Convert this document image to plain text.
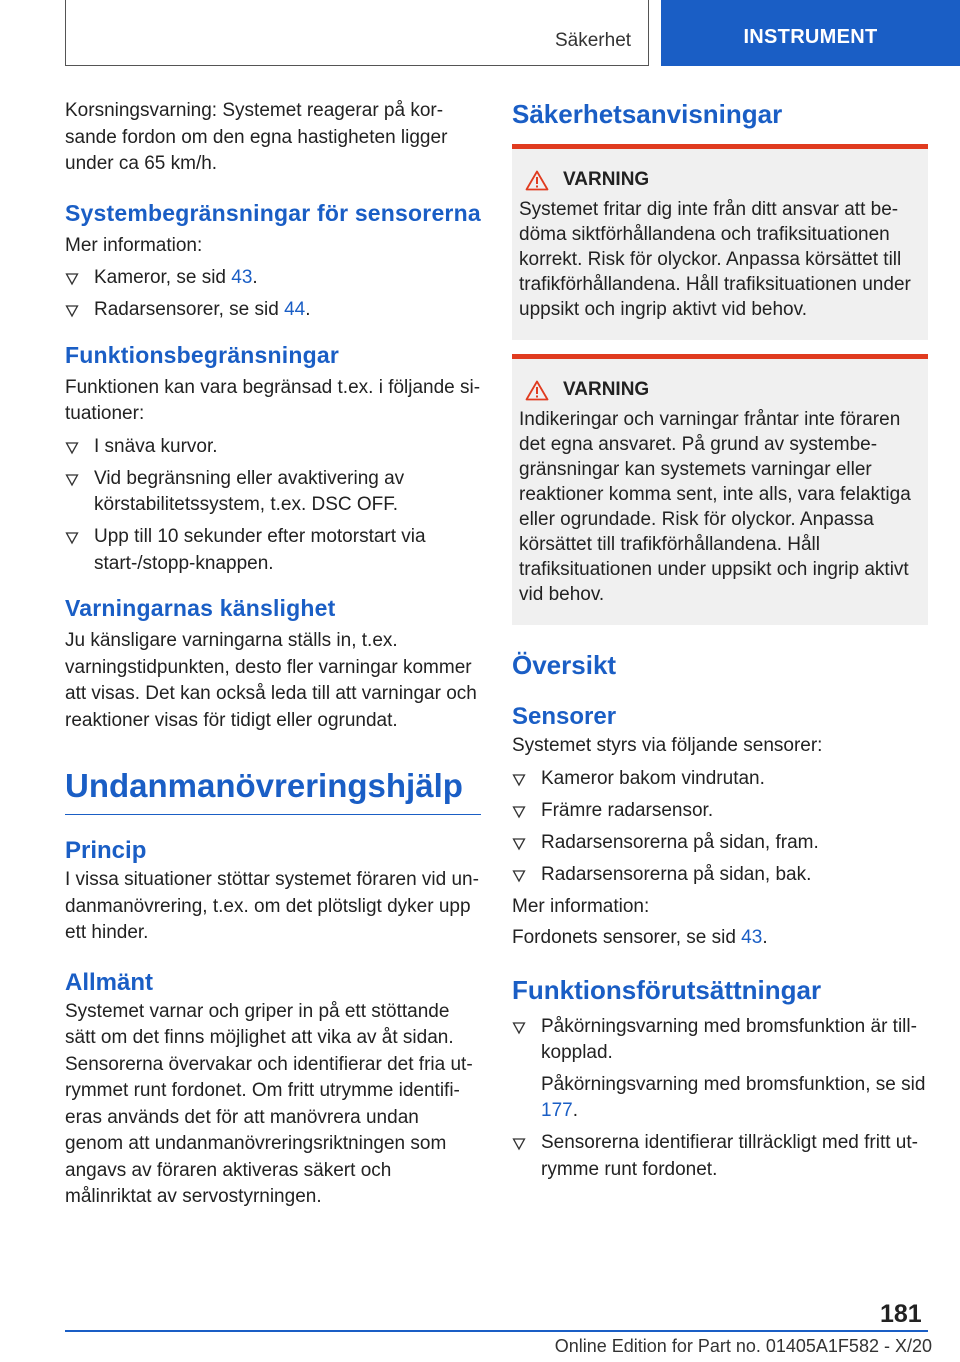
Säkerhet	INSTRUMENT

Korsningsvarning: Systemet reagerar på korsande fordon om den egna hastigheten ligger under ca 65 km/h.

Systembegränsningar för sensorerna

Mer information:

Kameror, se sid 43.
Radarsensorer, se sid 44.
Funktionsbegränsningar

Funktionen kan vara begränsad t.ex. i följande situationer:

I snäva kurvor.
Vid begränsning eller avaktivering av körstabilitetssystem, t.ex. DSC OFF.
Upp till 10 sekunder efter motorstart via start-/stopp-knappen.
Varningarnas känslighet

Ju känsligare varningarna ställs in, t.ex. varningstidpunkten, desto fler varningar kommer att visas. Det kan också leda till att varningar och reaktioner visas för tidigt eller ogrundat.

Undanmanövreringshjälp
Princip

I vissa situationer stöttar systemet föraren vid undanmanövrering, t.ex. om det plötsligt dyker upp ett hinder.

Allmänt

Systemet varnar och griper in på ett stöttande sätt om det finns möjlighet att vika av åt sidan. Sensorerna övervakar och identifierar det fria utrymmet runt fordonet. Om fritt utrymme identifieras används det för att manövrera undan genom att undanmanövreringsriktningen som angavs av föraren aktiveras säkert och målinriktat av servostyrningen.

Säkerhetsanvisningar
VARNING

Systemet fritar dig inte från ditt ansvar att bedöma siktförhållandena och trafiksituationen korrekt. Risk för olyckor. Anpassa körsättet till trafikförhållandena. Håll trafiksituationen under uppsikt och ingrip aktivt vid behov.

VARNING

Indikeringar och varningar fråntar inte föraren det egna ansvaret. På grund av systembegränsningar kan systemets varningar eller reaktioner komma sent, inte alls, vara felaktiga eller ogrundade. Risk för olyckor. Anpassa körsättet till trafikförhållandena. Håll trafiksituationen under uppsikt och ingrip aktivt vid behov.

Översikt
Sensorer

Systemet styrs via följande sensorer:

Kameror bakom vindrutan.
Främre radarsensor.
Radarsensorerna på sidan, fram.
Radarsensorerna på sidan, bak.

Mer information:

Fordonets sensorer, se sid 43.

Funktionsförutsättningar
Påkörningsvarning med bromsfunktion är tillkopplad.

Påkörningsvarning med bromsfunktion, se sid 177.

Sensorerna identifierar tillräckligt med fritt utrymme runt fordonet.
181
Online Edition for Part no. 01405A1F582 - X/20
